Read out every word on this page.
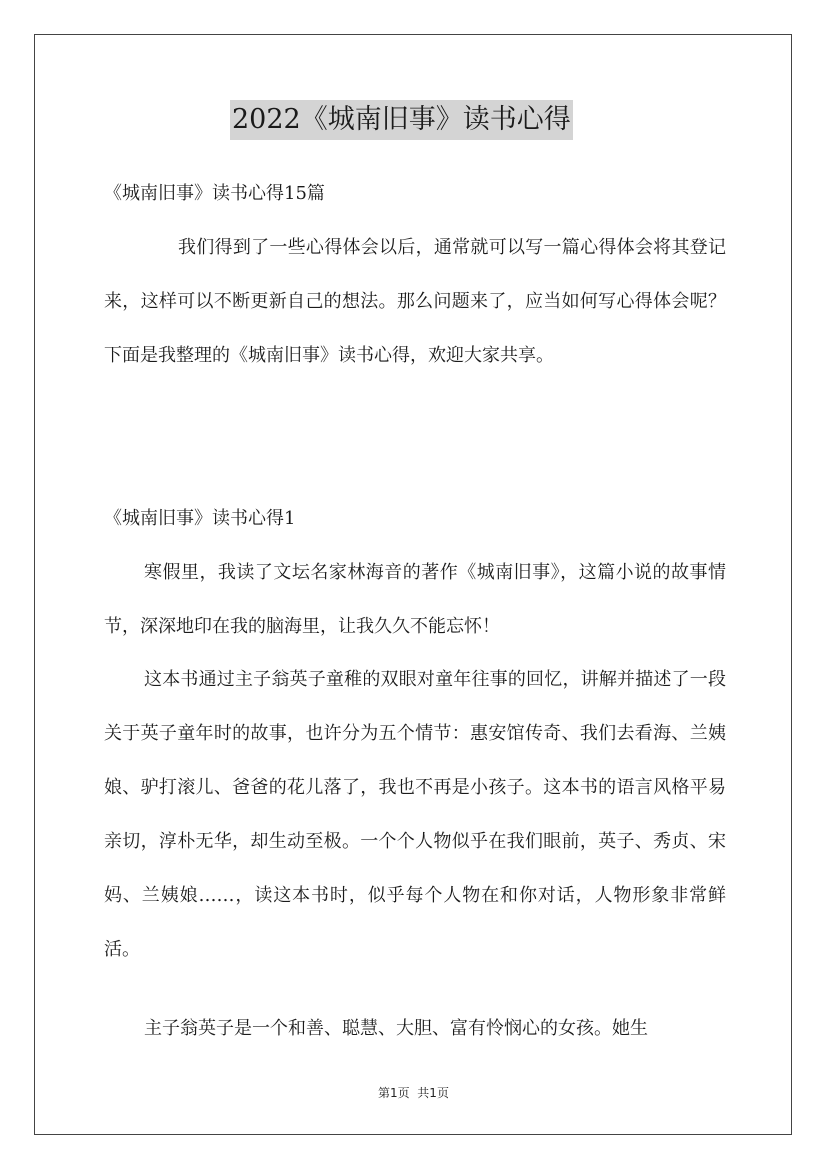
2022《城南旧事》读书心得
《城南旧事》读书心得15篇

我们得到了一些心得体会以后，通常就可以写一篇心得体会将其登记来，这样可以不断更新自己的想法。那么问题来了，应当如何写心得体会呢？下面是我整理的《城南旧事》读书心得，欢迎大家共享。

《城南旧事》读书心得1

寒假里，我读了文坛名家林海音的著作《城南旧事》，这篇小说的故事情节，深深地印在我的脑海里，让我久久不能忘怀！

这本书通过主子翁英子童稚的双眼对童年往事的回忆，讲解并描述了一段关于英子童年时的故事，也许分为五个情节：惠安馆传奇、我们去看海、兰姨娘、驴打滚儿、爸爸的花儿落了，我也不再是小孩子。这本书的语言风格平易亲切，淳朴无华，却生动至极。一个个人物似乎在我们眼前，英子、秀贞、宋妈、兰姨娘……，读这本书时，似乎每个人物在和你对话，人物形象非常鲜活。

主子翁英子是一个和善、聪慧、大胆、富有怜悯心的女孩。她生

第1页  共1页
